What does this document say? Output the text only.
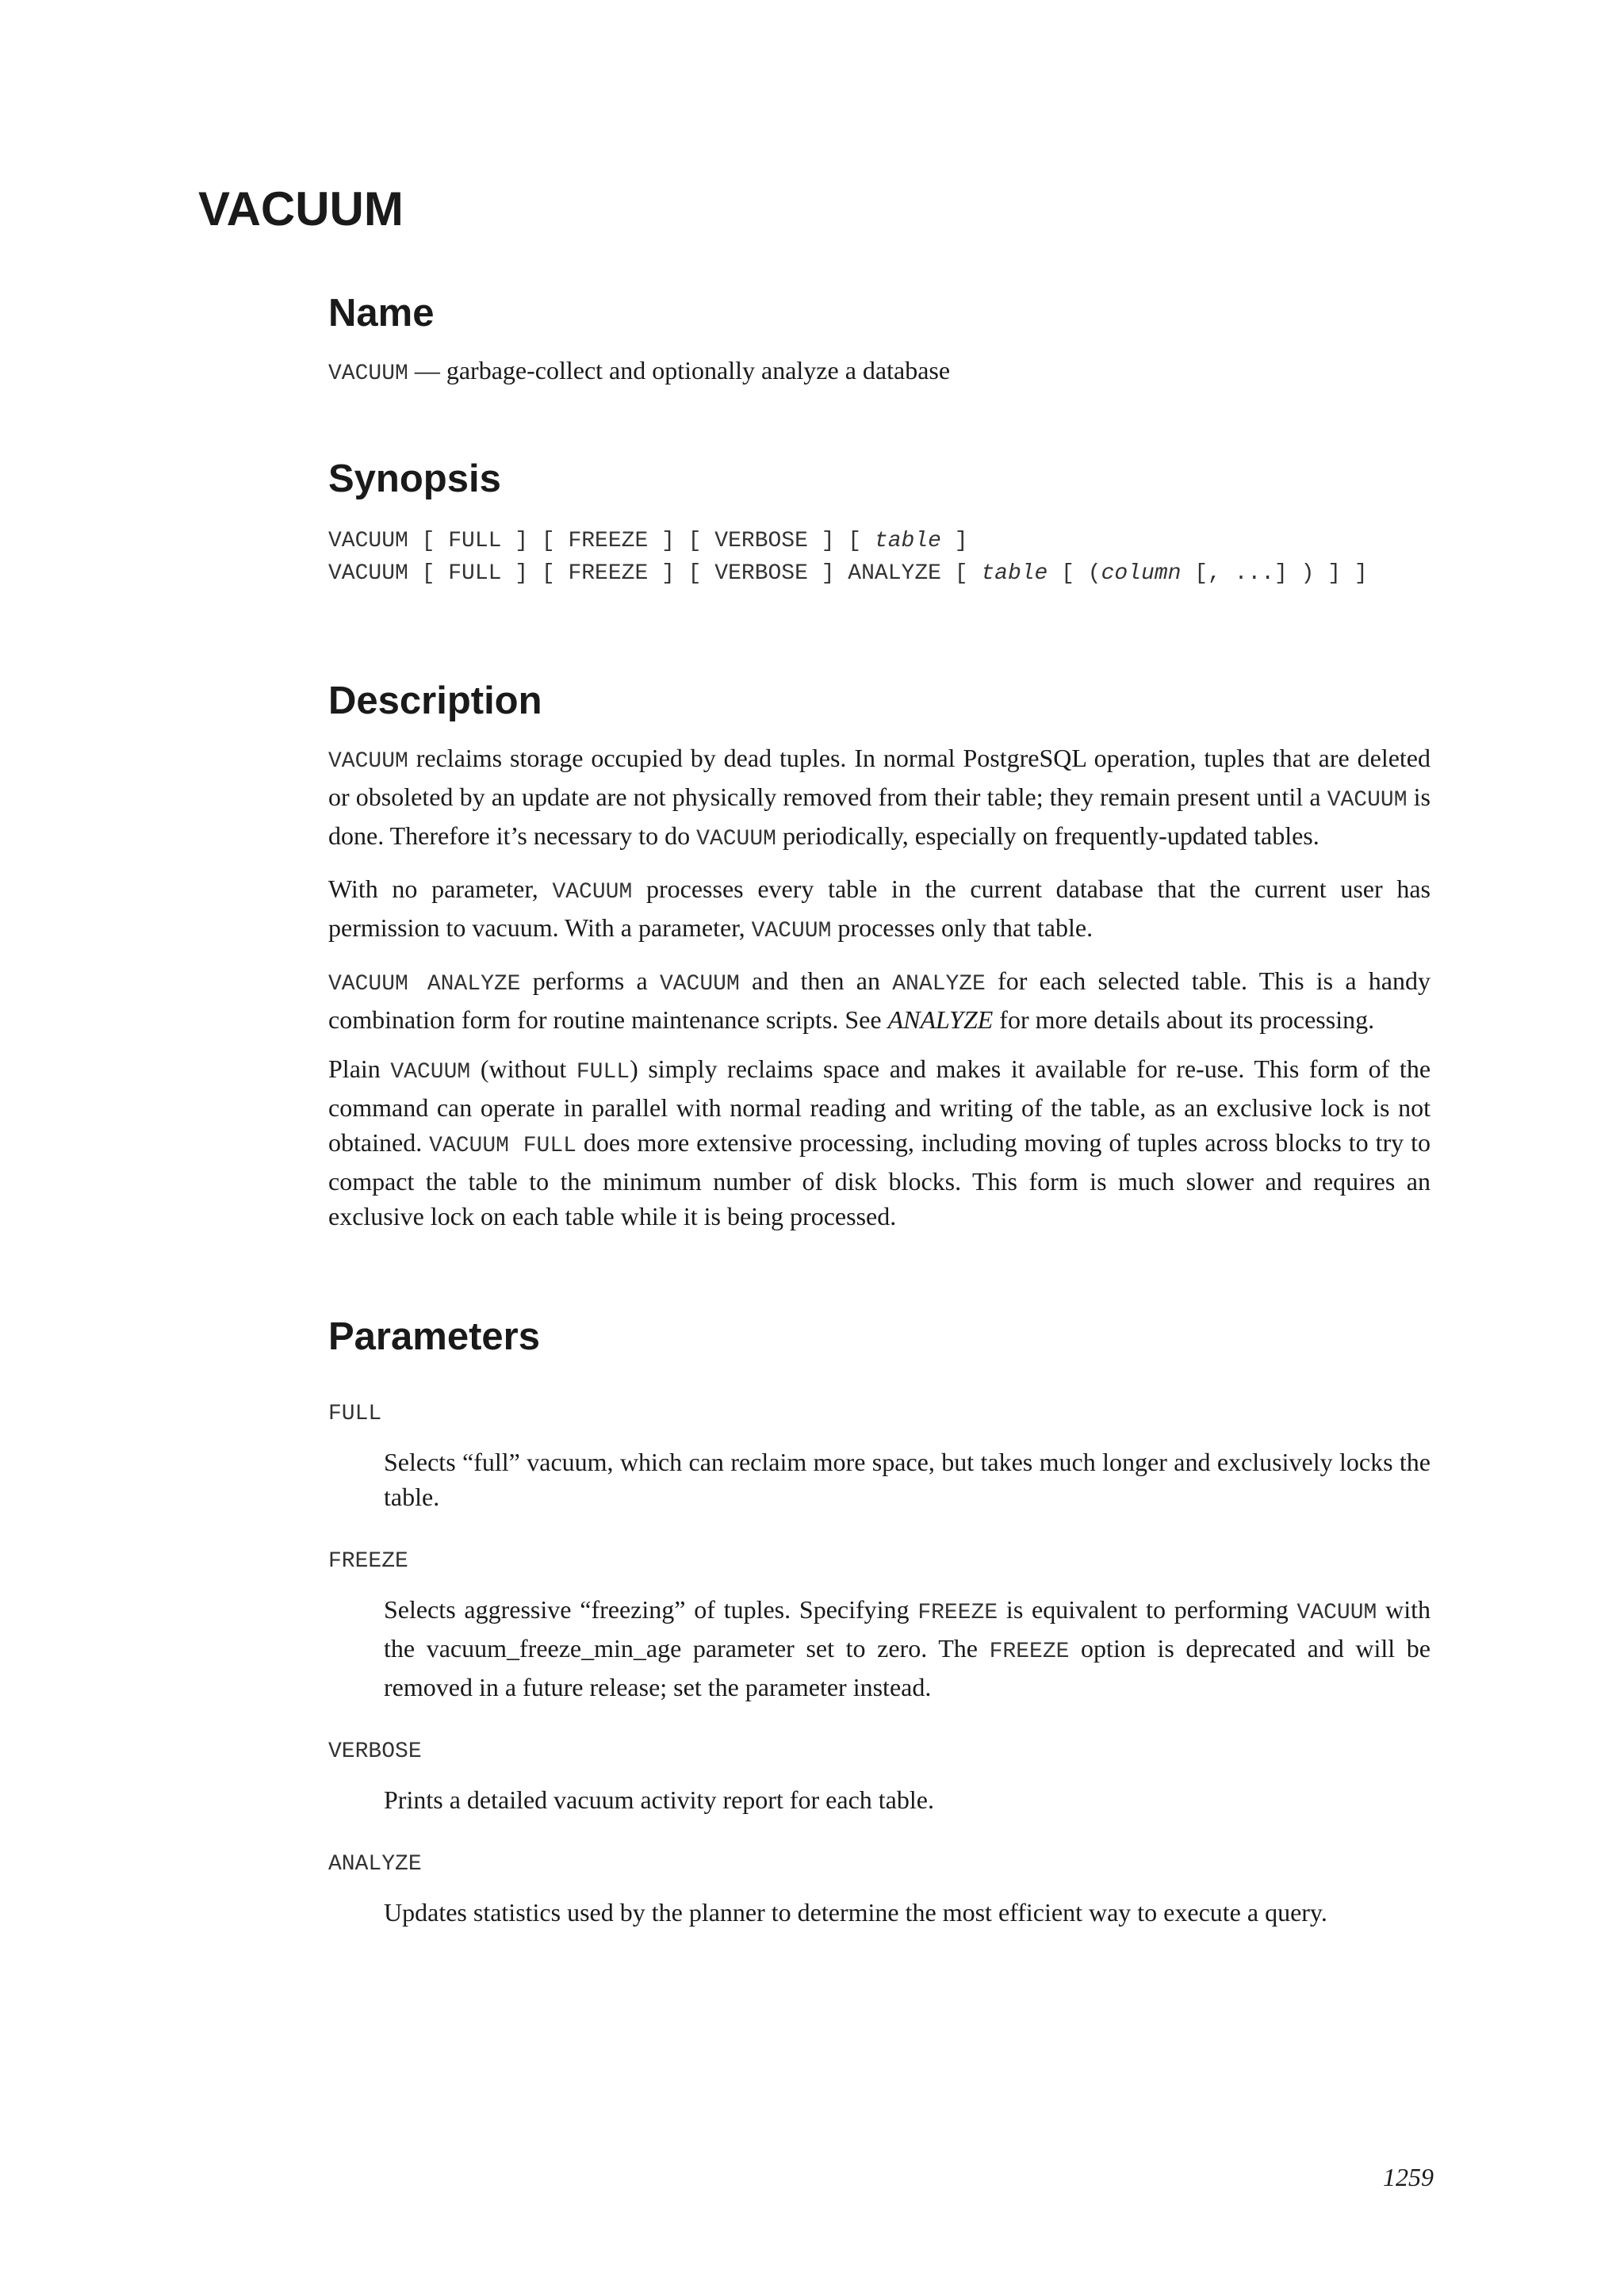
VACUUM
Name

VACUUM — garbage-collect and optionally analyze a database

Synopsis
VACUUM [ FULL ] [ FREEZE ] [ VERBOSE ] [ table ]
VACUUM [ FULL ] [ FREEZE ] [ VERBOSE ] ANALYZE [ table [ (column [, ...] ) ] ]
Description

VACUUM reclaims storage occupied by dead tuples. In normal PostgreSQL operation, tuples that are deleted or obsoleted by an update are not physically removed from their table; they remain present until a VACUUM is done. Therefore it’s necessary to do VACUUM periodically, especially on frequently-updated tables.

With no parameter, VACUUM processes every table in the current database that the current user has permission to vacuum. With a parameter, VACUUM processes only that table.

VACUUM ANALYZE performs a VACUUM and then an ANALYZE for each selected table. This is a handy combination form for routine maintenance scripts. See ANALYZE for more details about its processing.

Plain VACUUM (without FULL) simply reclaims space and makes it available for re-use. This form of the command can operate in parallel with normal reading and writing of the table, as an exclusive lock is not obtained. VACUUM FULL does more extensive processing, including moving of tuples across blocks to try to compact the table to the minimum number of disk blocks. This form is much slower and requires an exclusive lock on each table while it is being processed.

Parameters
FULL
Selects “full” vacuum, which can reclaim more space, but takes much longer and exclusively locks the table.
FREEZE
Selects aggressive “freezing” of tuples. Specifying FREEZE is equivalent to performing VACUUM with the vacuum_freeze_min_age parameter set to zero. The FREEZE option is deprecated and will be removed in a future release; set the parameter instead.
VERBOSE
Prints a detailed vacuum activity report for each table.
ANALYZE
Updates statistics used by the planner to determine the most efficient way to execute a query.
1259
